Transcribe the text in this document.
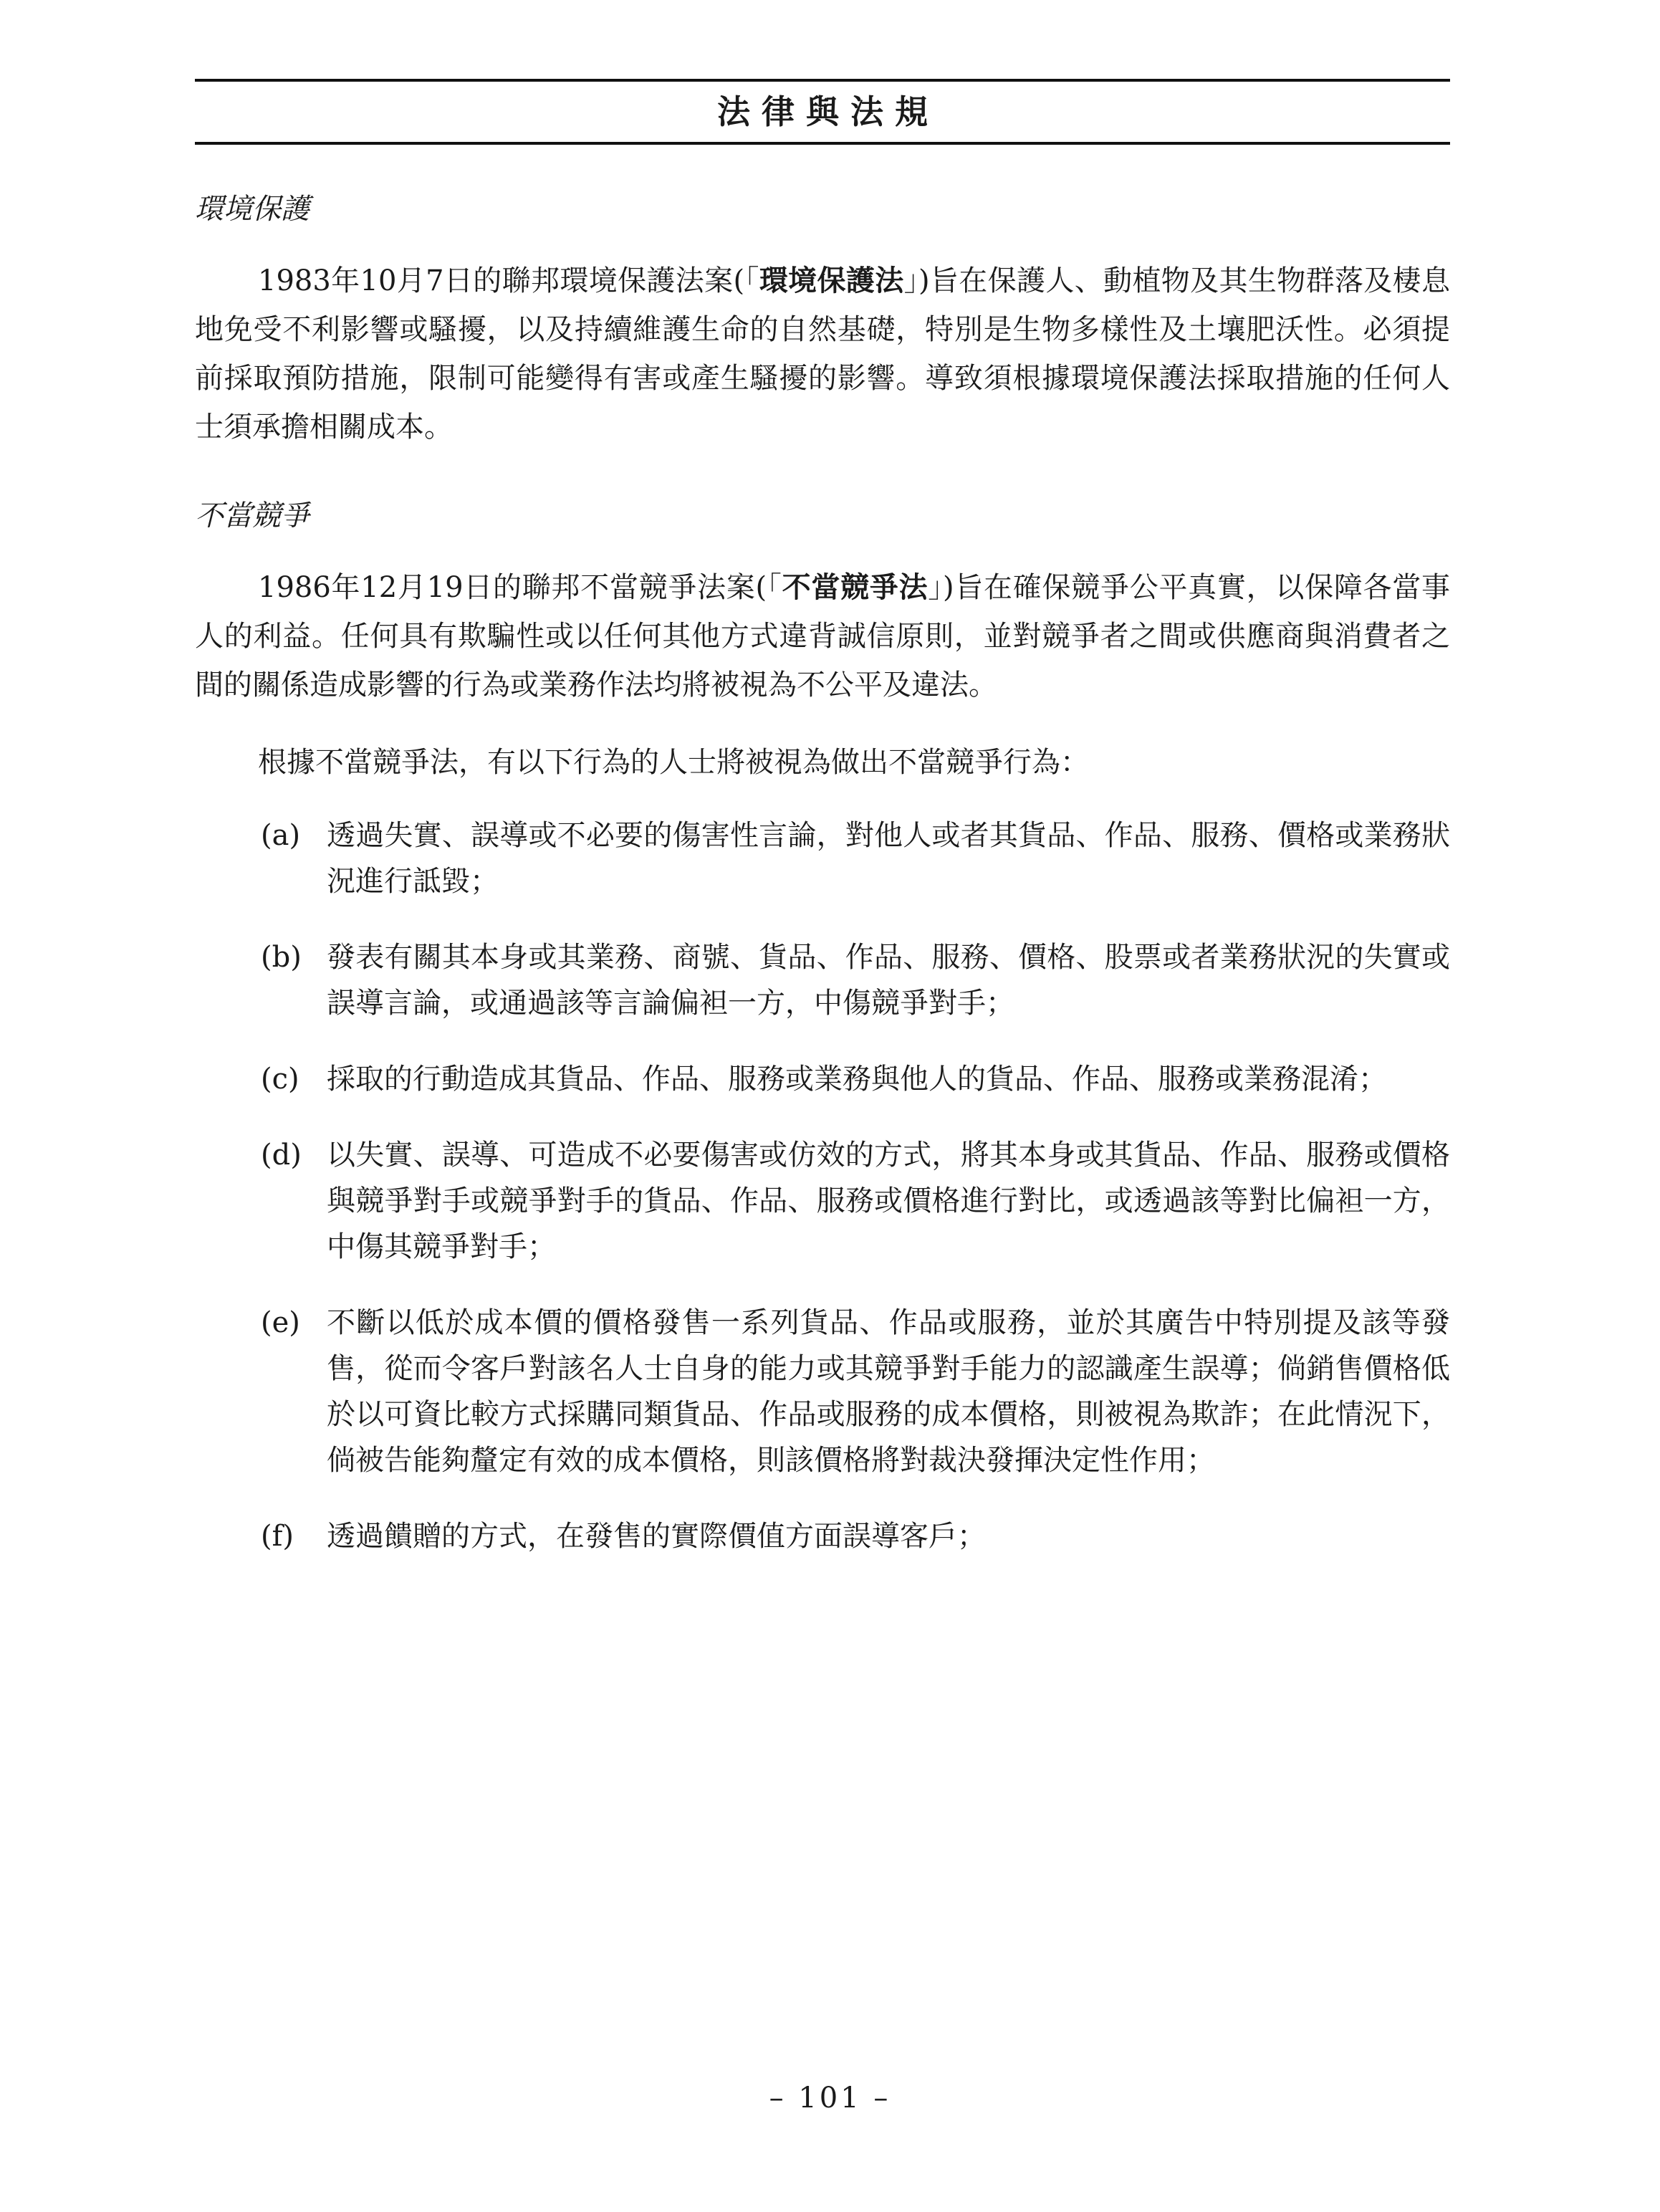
法律與法規
環境保護

1983年10月7日的聯邦環境保護法案(「環境保護法」)旨在保護人、動植物及其生物群落及棲息地免受不利影響或騷擾，以及持續維護生命的自然基礎，特別是生物多樣性及土壤肥沃性。必須提前採取預防措施，限制可能變得有害或產生騷擾的影響。導致須根據環境保護法採取措施的任何人士須承擔相關成本。

不當競爭

1986年12月19日的聯邦不當競爭法案(「不當競爭法」)旨在確保競爭公平真實，以保障各當事人的利益。任何具有欺騙性或以任何其他方式違背誠信原則，並對競爭者之間或供應商與消費者之間的關係造成影響的行為或業務作法均將被視為不公平及違法。

根據不當競爭法，有以下行為的人士將被視為做出不當競爭行為：

(a) 透過失實、誤導或不必要的傷害性言論，對他人或者其貨品、作品、服務、價格或業務狀況進行詆毀；
(b) 發表有關其本身或其業務、商號、貨品、作品、服務、價格、股票或者業務狀況的失實或誤導言論，或通過該等言論偏袒一方，中傷競爭對手；
(c) 採取的行動造成其貨品、作品、服務或業務與他人的貨品、作品、服務或業務混淆；
(d) 以失實、誤導、可造成不必要傷害或仿效的方式，將其本身或其貨品、作品、服務或價格與競爭對手或競爭對手的貨品、作品、服務或價格進行對比，或透過該等對比偏袒一方，中傷其競爭對手；
(e) 不斷以低於成本價的價格發售一系列貨品、作品或服務，並於其廣告中特別提及該等發售，從而令客戶對該名人士自身的能力或其競爭對手能力的認識產生誤導；倘銷售價格低於以可資比較方式採購同類貨品、作品或服務的成本價格，則被視為欺詐；在此情況下，倘被告能夠釐定有效的成本價格，則該價格將對裁決發揮決定性作用；
(f)	透過饋贈的方式，在發售的實際價值方面誤導客戶；
– 101 –
